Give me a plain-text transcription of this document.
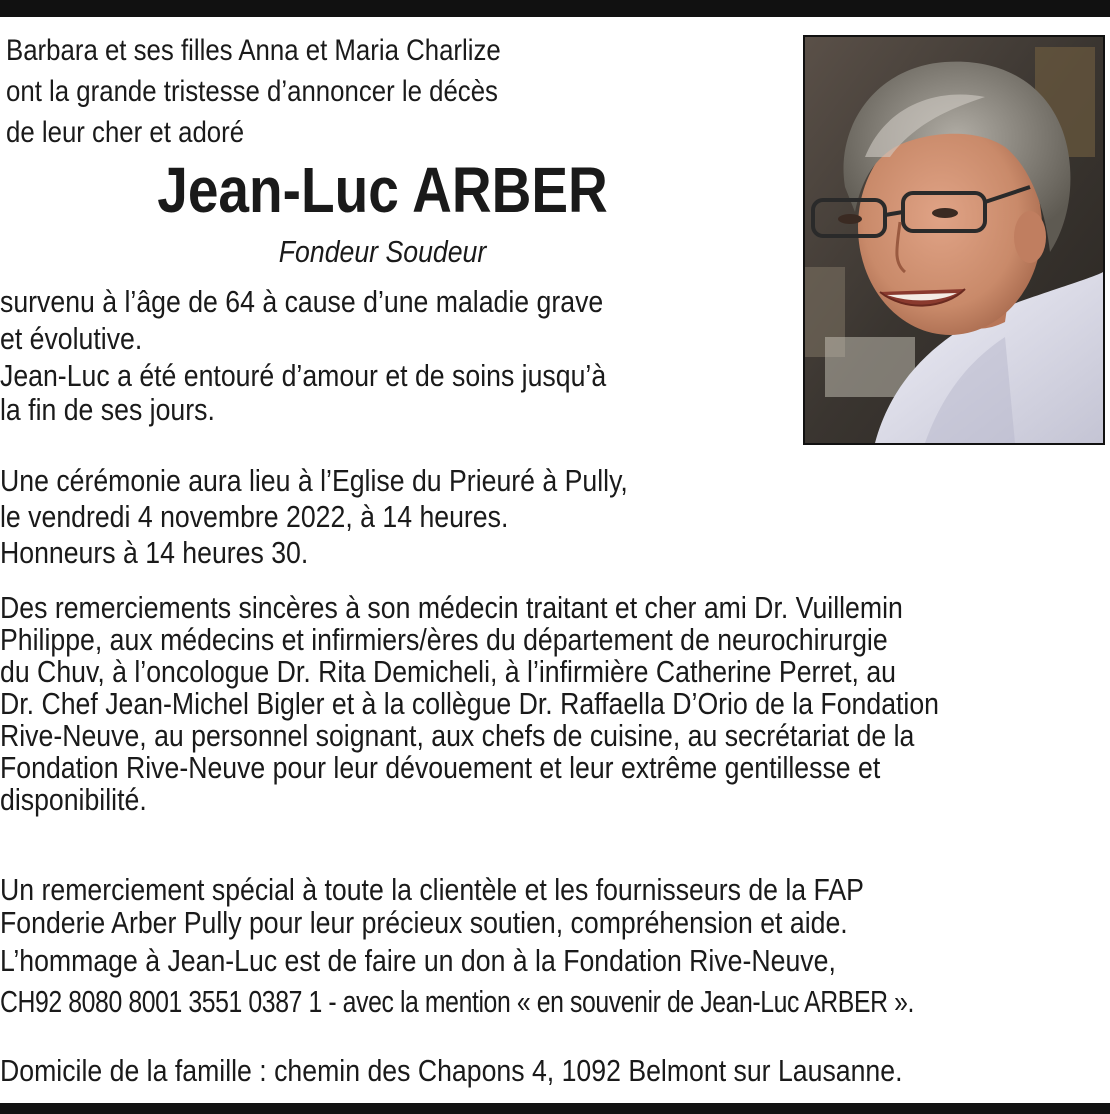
Barbara et ses filles Anna et Maria Charlize
ont la grande tristesse d’annoncer le décès
de leur cher et adoré
Jean-Luc ARBER
Fondeur Soudeur
survenu à l’âge de 64 à cause d’une maladie grave
et évolutive.
Jean-Luc a été entouré d’amour et de soins jusqu’à
la fin de ses jours.
Une cérémonie aura lieu à l’Eglise du Prieuré à Pully,
le vendredi 4 novembre 2022, à 14 heures.
Honneurs à 14 heures 30.
Des remerciements sincères à son médecin traitant et cher ami Dr. Vuillemin
Philippe, aux médecins et infirmiers/ères du département de neurochirurgie
du Chuv, à l’oncologue Dr. Rita Demicheli, à l’infirmière Catherine Perret, au
Dr. Chef Jean-Michel Bigler et à la collègue Dr. Raffaella D’Orio de la Fondation
Rive-Neuve, au personnel soignant, aux chefs de cuisine, au secrétariat de la
Fondation Rive-Neuve pour leur dévouement et leur extrême gentillesse et
disponibilité.
Un remerciement spécial à toute la clientèle et les fournisseurs de la FAP
Fonderie Arber Pully pour leur précieux soutien, compréhension et aide.
L’hommage à Jean-Luc est de faire un don à la Fondation Rive-Neuve,
CH92 8080 8001 3551 0387 1 - avec la mention « en souvenir de Jean-Luc ARBER ».
Domicile de la famille : chemin des Chapons 4, 1092 Belmont sur Lausanne.
